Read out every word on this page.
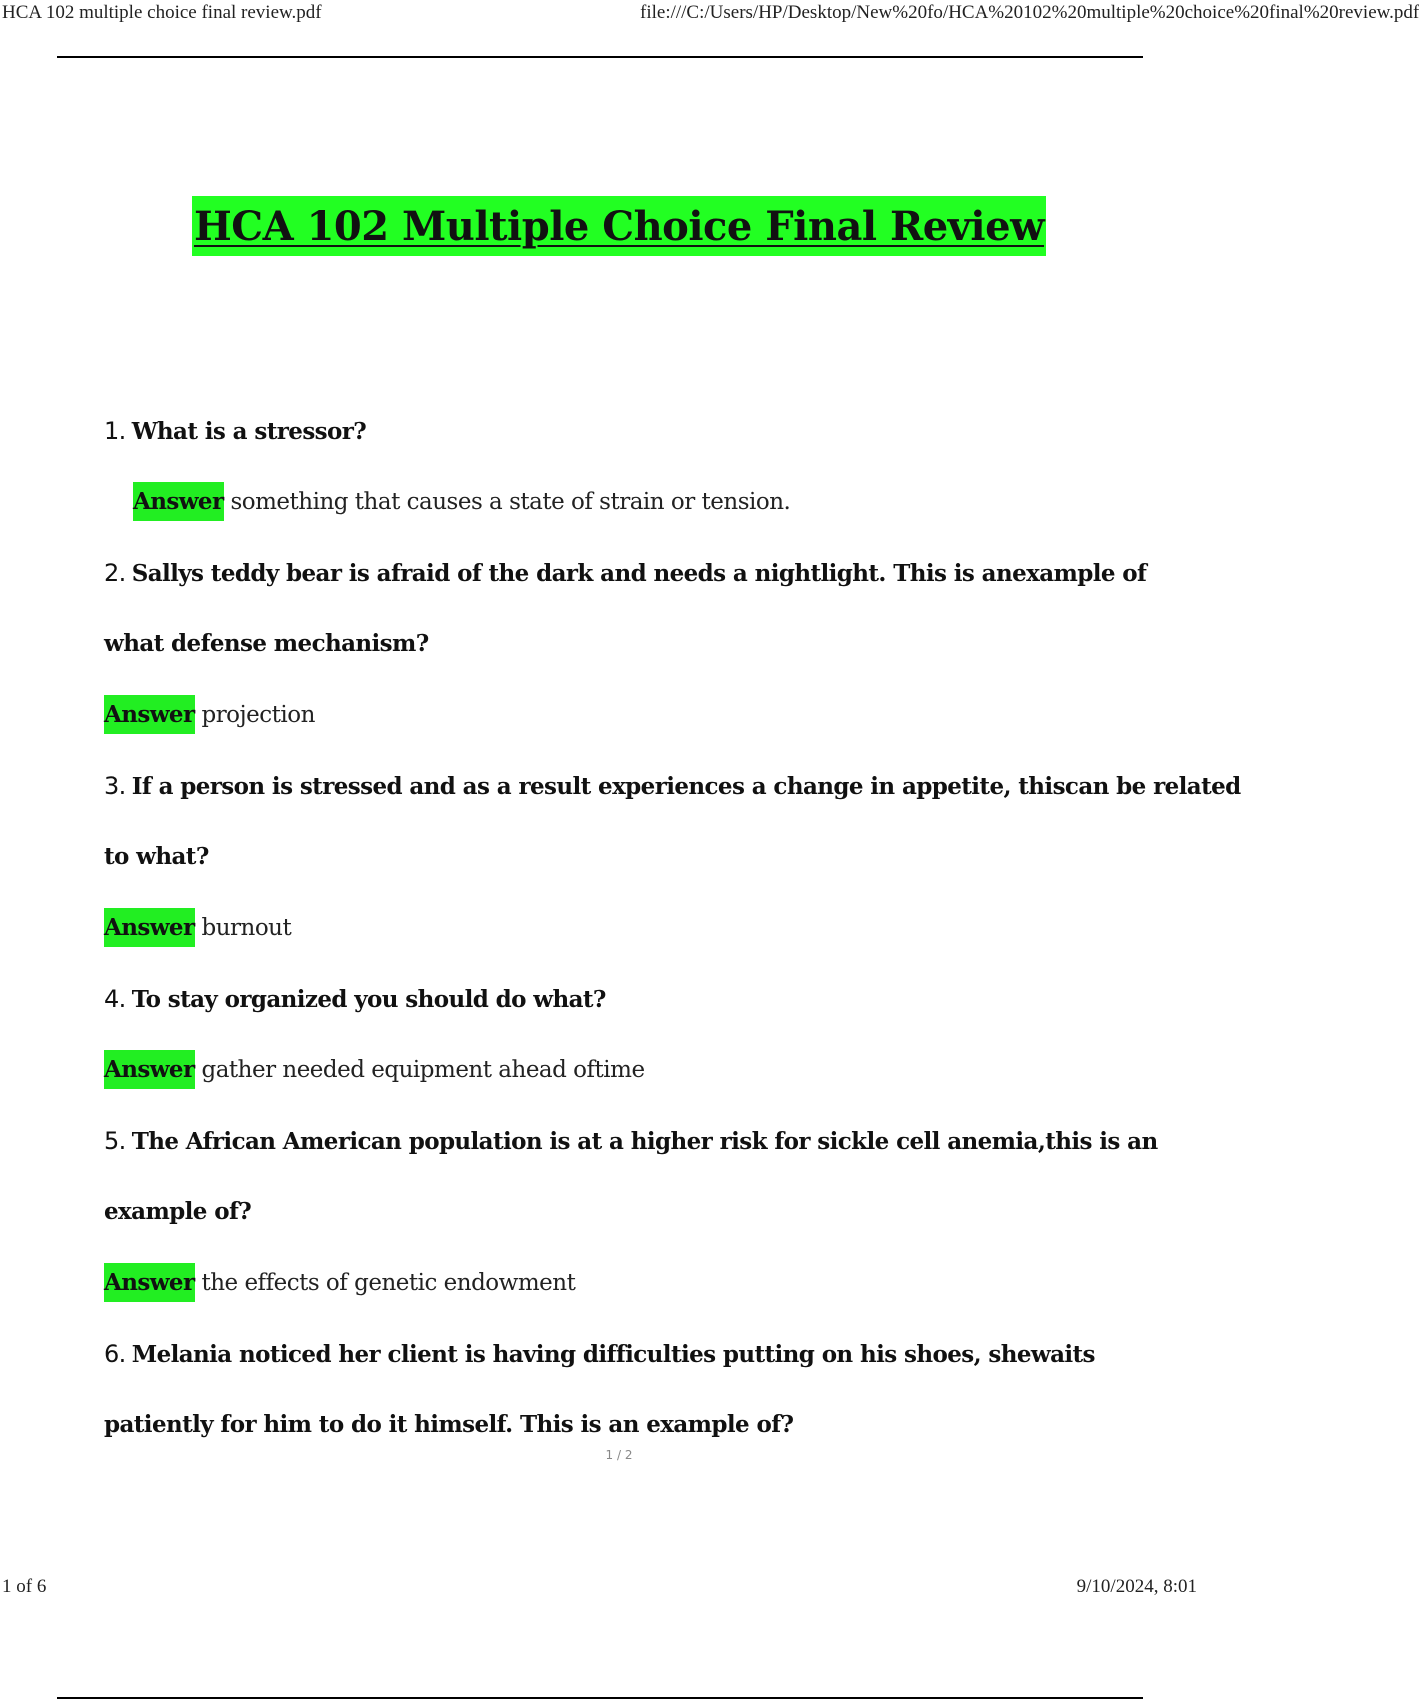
HCA 102 multiple choice final review.pdf	file:///C:/Users/HP/Desktop/New%20fo/HCA%20102%20multiple%20choice%20final%20review.pdf
HCA 102 Multiple Choice Final Review
1. What is a stressor?
Answer something that causes a state of strain or tension.
2. Sallys teddy bear is afraid of the dark and needs a nightlight. This is anexample of
what defense mechanism?
Answer projection
3. If a person is stressed and as a result experiences a change in appetite, thiscan be related
to what?
Answer burnout
4. To stay organized you should do what?
Answer gather needed equipment ahead oftime
5. The African American population is at a higher risk for sickle cell anemia,this is an
example of?
Answer the effects of genetic endowment
6. Melania noticed her client is having difficulties putting on his shoes, shewaits
patiently for him to do it himself. This is an example of?
1 / 2
1 of 6	9/10/2024, 8:01
